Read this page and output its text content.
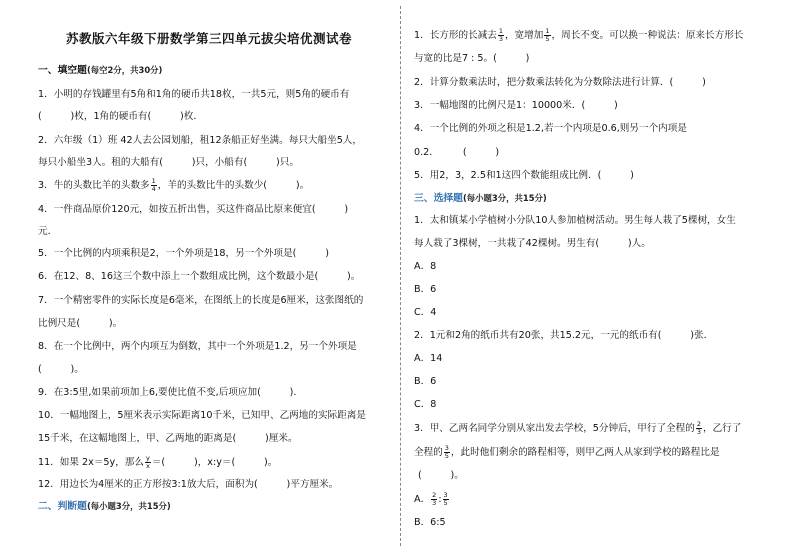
苏教版六年级下册数学第三四单元拔尖培优测试卷
一、填空题(每空2分，共30分)
1．小明的存钱罐里有5角和1角的硬币共18枚，一共5元，则5角的硬币有
(　　　)枚，1角的硬币有(　　　)枚．
2．六年级（1）班 42人去公园划船，租12条船正好坐满。每只大船坐5人，
每只小船坐3人。租的大船有(　　　)只，小船有(　　　)只。
3．牛的头数比羊的头数多 $\frac{1}{4}$ ，羊的头数比牛的头数少(　　　)。
4．一件商品原价120元，如按五折出售，买这件商品比原来便宜(　　　)
元．
5．一个比例的内项乘积是2，一个外项是18，另一个外项是(　　　)
6．在12、8、16这三个数中添上一个数组成比例，这个数最小是(　　　)。
7．一个精密零件的实际长度是6毫米，在图纸上的长度是6厘米，这张图纸的
比例尺是(　　　)。
8．在一个比例中，两个内项互为倒数，其中一个外项是1.2，另一个外项是
(　　　)。
9．在3:5里,如果前项加上6,要使比值不变,后项应加(　　　).
10．一幅地图上，5厘米表示实际距离10千米，已知甲、乙两地的实际距离是
15千米，在这幅地图上，甲、乙两地的距离是(　　　)厘米。
11．如果 2x＝5y，那么 $\frac{y}{x}$ ＝(　　　)，x:y＝(　　　)。
12．用边长为4厘米的正方形按3:1放大后，面积为(　　　)平方厘米。
二、判断题(每小题3分，共15分)
1．长方形的长减去 $\frac{1}{3}$ ，宽增加 $\frac{1}{5}$ ，周长不变。可以换一种说法：原来长方形长
与宽的比是7 : 5。(　　　)
2．计算分数乘法时，把分数乘法转化为分数除法进行计算．(　　　)
3．一幅地图的比例尺是1：10000米．(　　　)
4．一个比例的外项之积是1.2,若一个内项是0.6,则另一个内项是
0.2．　　　(　　　)
5．用2，3，2.5和1这四个数能组成比例．(　　　)
三、选择题(每小题3分，共15分)
1．太和镇某小学植树小分队10人参加植树活动。男生每人栽了5棵树，女生
每人栽了3棵树，一共栽了42棵树。男生有(　　　)人。
A．8
B．6
C．4
2．1元和2角的纸币共有20张，共15.2元，一元的纸币有(　　　)张．
A．14
B．6
C．8
3．甲、乙两名同学分别从家出发去学校，5分钟后，甲行了全程的 $\frac{2}{3}$ ，乙行了
全程的 $\frac{3}{5}$ ，此时他们剩余的路程相等，则甲乙两人从家到学校的路程比是
(　　　)。
A． $\frac{2}{3}$ : $\frac{3}{5}$
B．6:5
